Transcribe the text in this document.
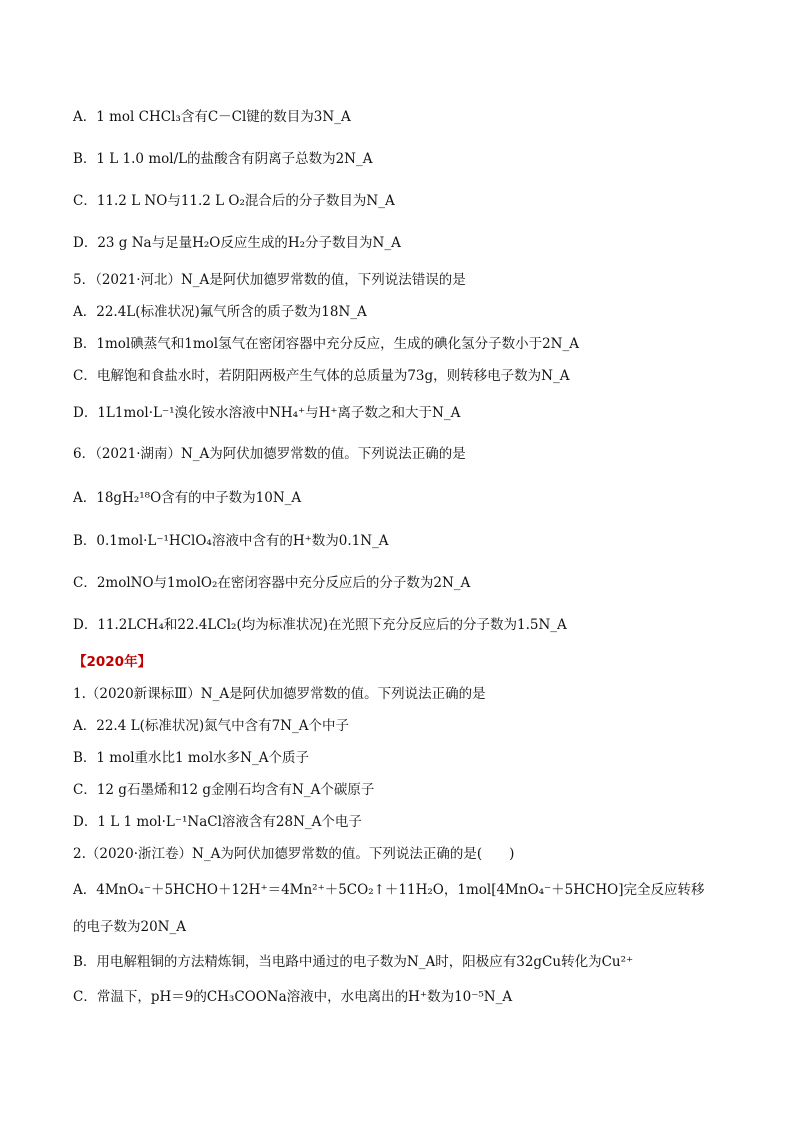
A．1 mol CHCl₃含有C－Cl键的数目为3N_A
B．1 L 1.0 mol/L的盐酸含有阴离子总数为2N_A
C．11.2 L NO与11.2 L O₂混合后的分子数目为N_A
D．23 g Na与足量H₂O反应生成的H₂分子数目为N_A
5．（2021·河北）N_A是阿伏加德罗常数的值，下列说法错误的是
A．22.4L(标准状况)氟气所含的质子数为18N_A
B．1mol碘蒸气和1mol氢气在密闭容器中充分反应，生成的碘化氢分子数小于2N_A
C．电解饱和食盐水时，若阴阳两极产生气体的总质量为73g，则转移电子数为N_A
D．1L1mol·L⁻¹溴化铵水溶液中NH₄⁺与H⁺离子数之和大于N_A
6．（2021·湖南）N_A为阿伏加德罗常数的值。下列说法正确的是
A．18gH₂¹⁸O含有的中子数为10N_A
B．0.1mol·L⁻¹HClO₄溶液中含有的H⁺数为0.1N_A
C．2molNO与1molO₂在密闭容器中充分反应后的分子数为2N_A
D．11.2LCH₄和22.4LCl₂(均为标准状况)在光照下充分反应后的分子数为1.5N_A
【2020年】
1.（2020新课标Ⅲ）N_A是阿伏加德罗常数的值。下列说法正确的是
A．22.4 L(标准状况)氮气中含有7N_A个中子
B．1 mol重水比1 mol水多N_A个质子
C．12 g石墨烯和12 g金刚石均含有N_A个碳原子
D．1 L 1 mol·L⁻¹NaCl溶液含有28N_A个电子
2.（2020·浙江卷）N_A为阿伏加德罗常数的值。下列说法正确的是(　　)
A．4MnO₄⁻＋5HCHO＋12H⁺＝4Mn²⁺＋5CO₂↑＋11H₂O，1mol[4MnO₄⁻＋5HCHO]完全反应转移
的电子数为20N_A
B．用电解粗铜的方法精炼铜，当电路中通过的电子数为N_A时，阳极应有32gCu转化为Cu²⁺
C．常温下，pH＝9的CH₃COONa溶液中，水电离出的H⁺数为10⁻⁵N_A
